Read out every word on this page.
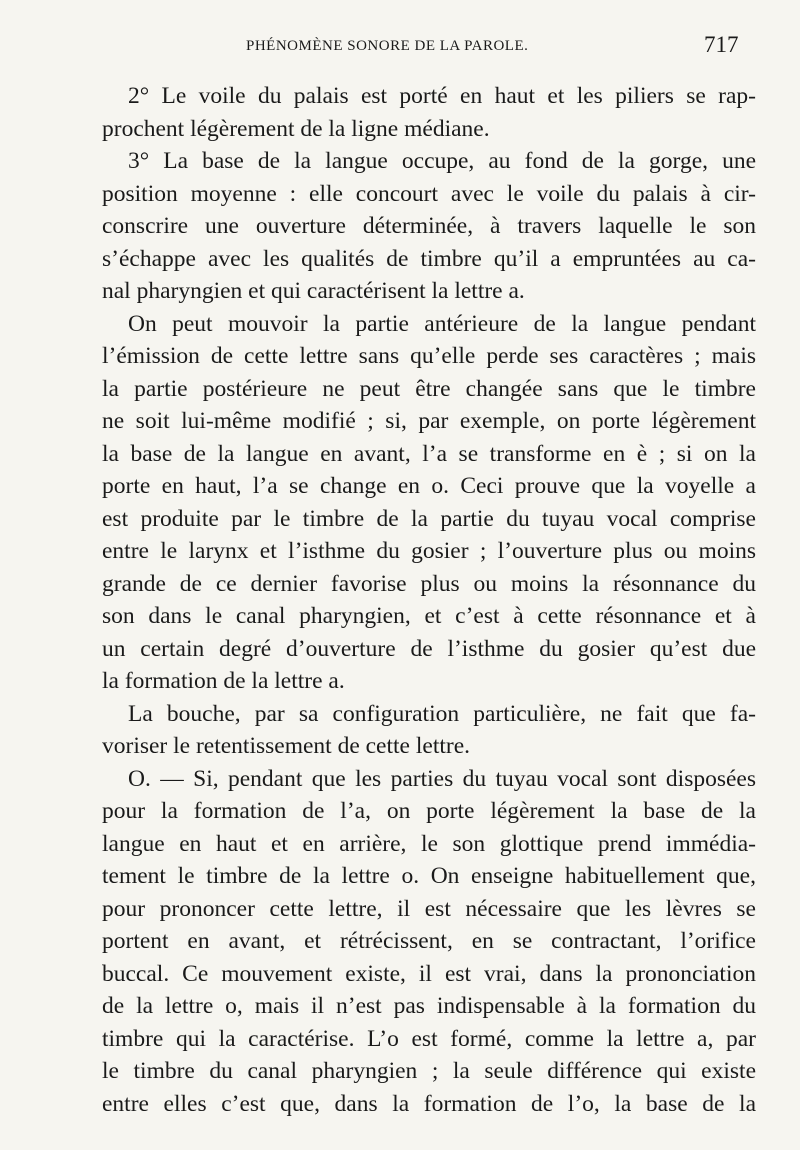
PHÉNOMÈNE SONORE DE LA PAROLE.	717
2° Le voile du palais est porté en haut et les piliers se rap-
prochent légèrement de la ligne médiane.
3° La base de la langue occupe, au fond de la gorge, une
position moyenne : elle concourt avec le voile du palais à cir-
conscrire une ouverture déterminée, à travers laquelle le son
s’échappe avec les qualités de timbre qu’il a empruntées au ca-
nal pharyngien et qui caractérisent la lettre a.
On peut mouvoir la partie antérieure de la langue pendant
l’émission de cette lettre sans qu’elle perde ses caractères ; mais
la partie postérieure ne peut être changée sans que le timbre
ne soit lui-même modifié ; si, par exemple, on porte légèrement
la base de la langue en avant, l’a se transforme en è ; si on la
porte en haut, l’a se change en o. Ceci prouve que la voyelle a
est produite par le timbre de la partie du tuyau vocal comprise
entre le larynx et l’isthme du gosier ; l’ouverture plus ou moins
grande de ce dernier favorise plus ou moins la résonnance du
son dans le canal pharyngien, et c’est à cette résonnance et à
un certain degré d’ouverture de l’isthme du gosier qu’est due
la formation de la lettre a.
La bouche, par sa configuration particulière, ne fait que fa-
voriser le retentissement de cette lettre.
O. — Si, pendant que les parties du tuyau vocal sont disposées
pour la formation de l’a, on porte légèrement la base de la
langue en haut et en arrière, le son glottique prend immédia-
tement le timbre de la lettre o. On enseigne habituellement que,
pour prononcer cette lettre, il est nécessaire que les lèvres se
portent en avant, et rétrécissent, en se contractant, l’orifice
buccal. Ce mouvement existe, il est vrai, dans la prononciation
de la lettre o, mais il n’est pas indispensable à la formation du
timbre qui la caractérise. L’o est formé, comme la lettre a, par
le timbre du canal pharyngien ; la seule différence qui existe
entre elles c’est que, dans la formation de l’o, la base de la
